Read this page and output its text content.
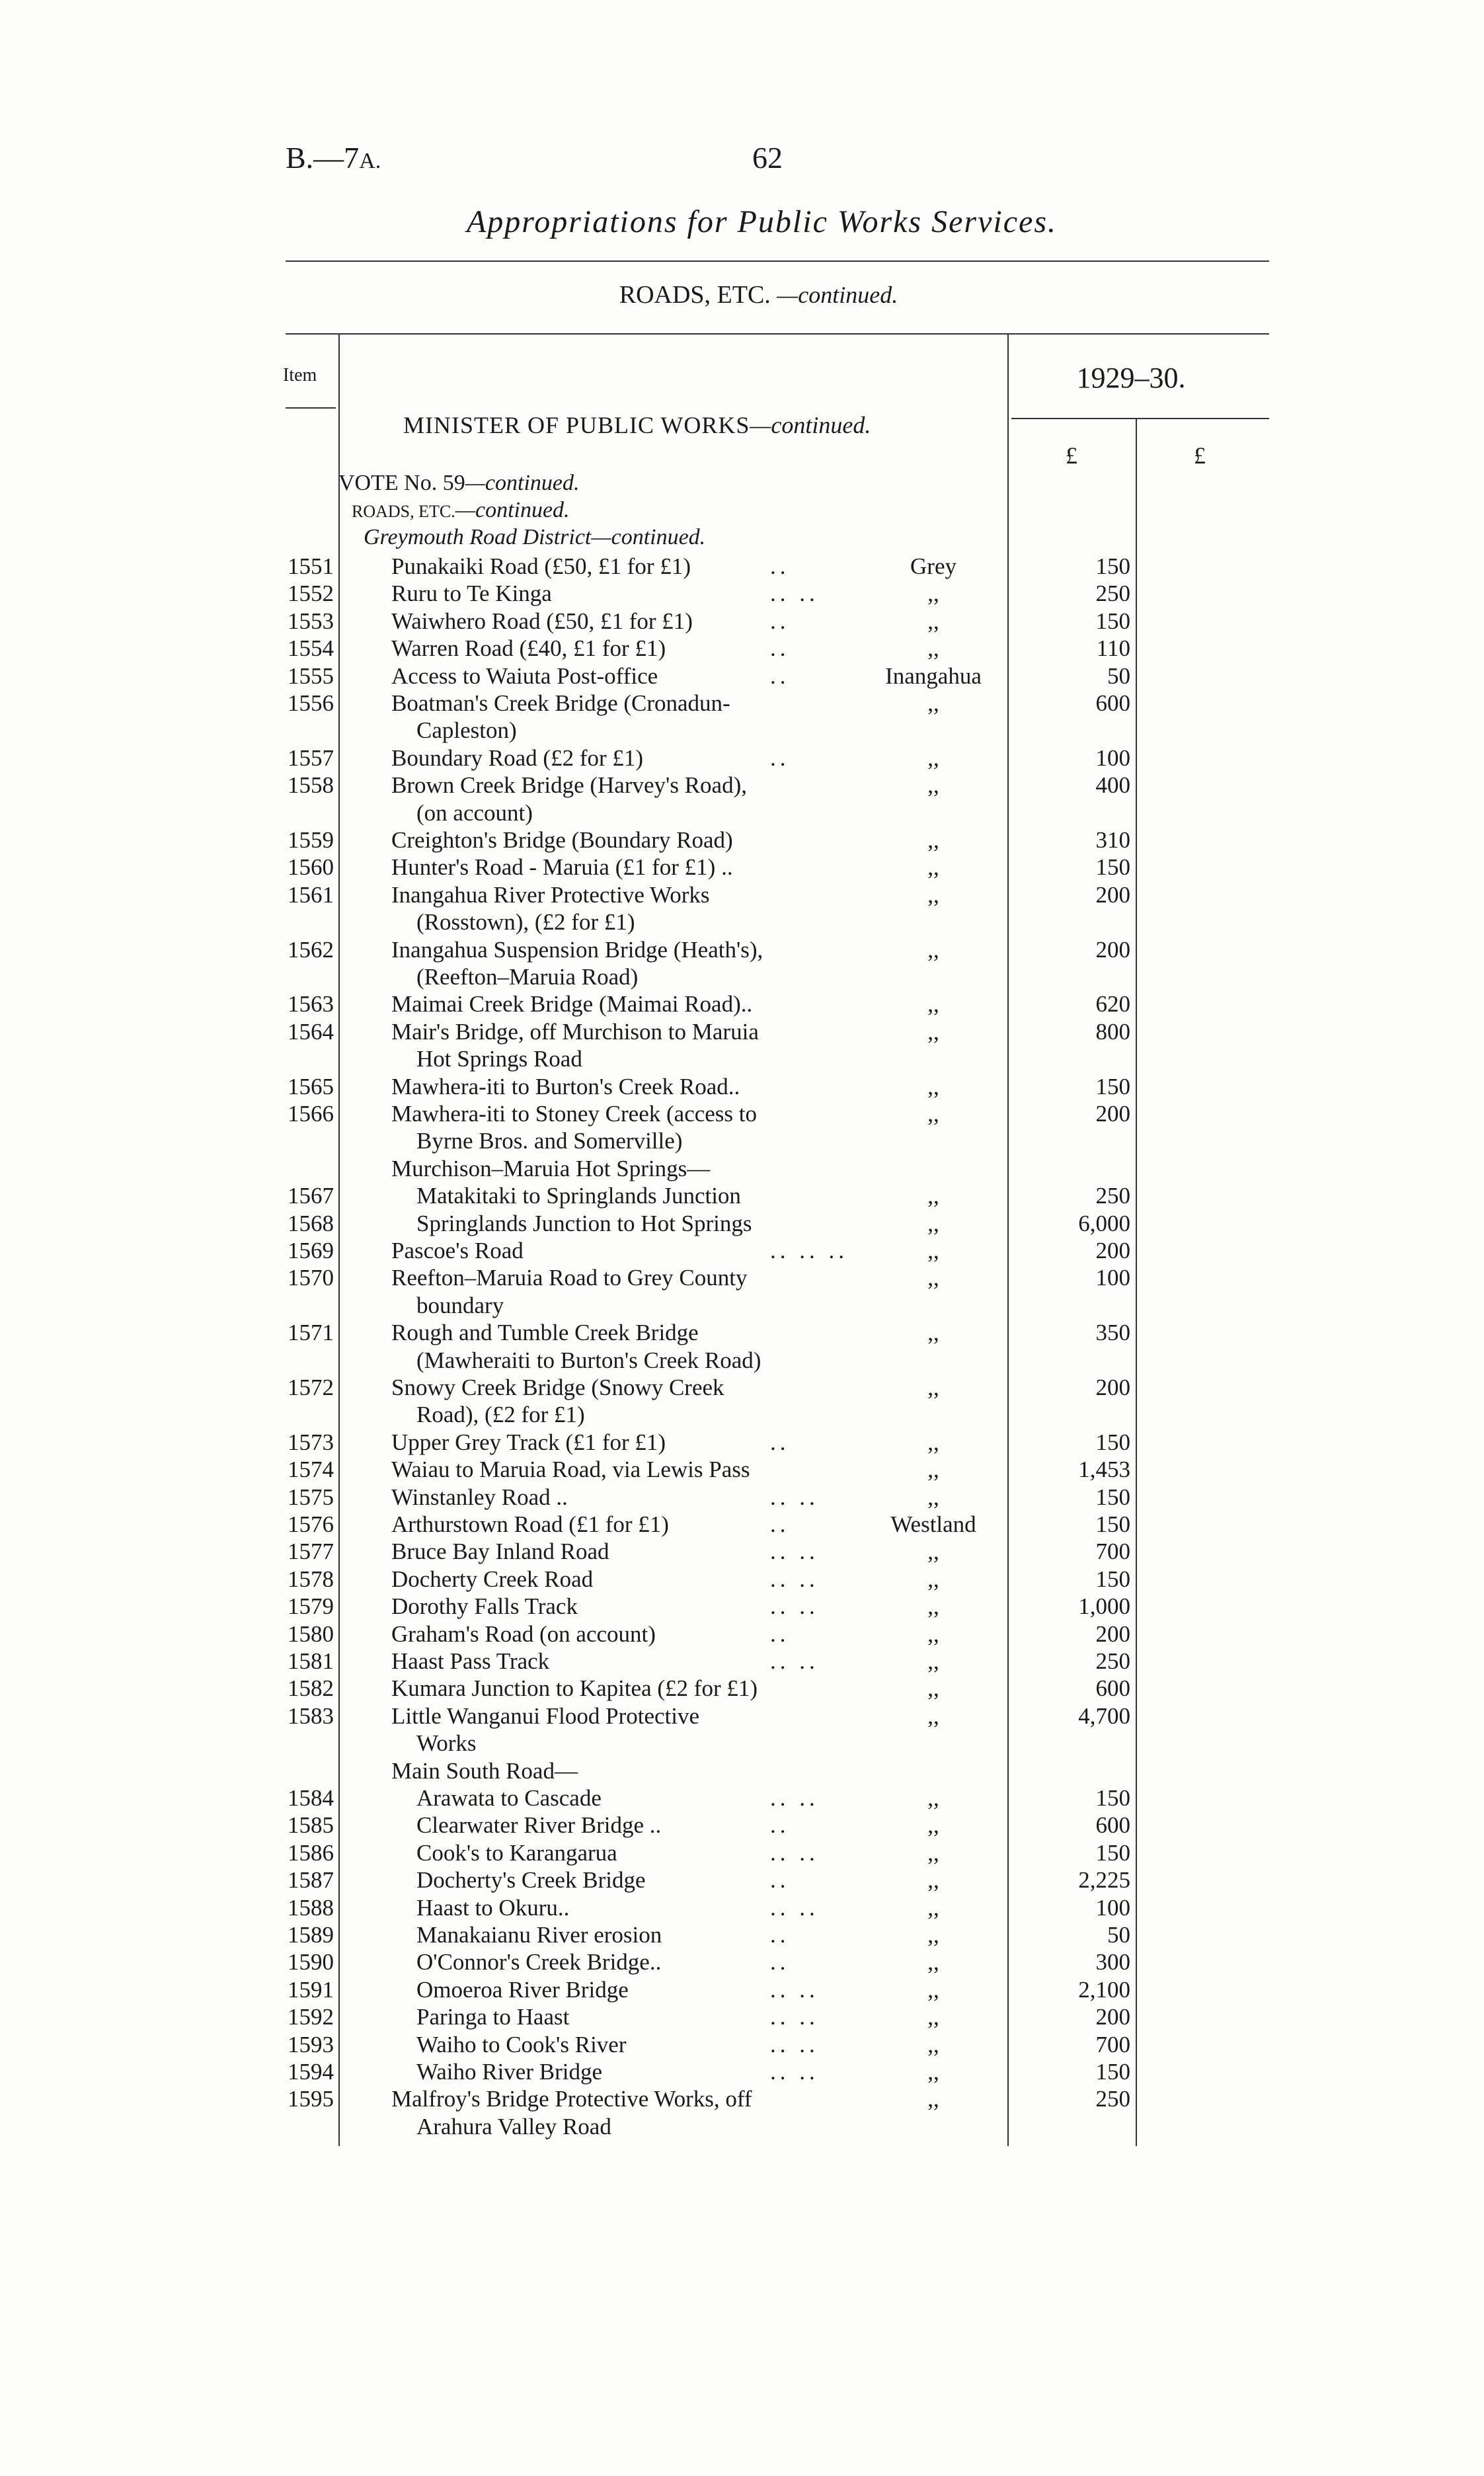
B.—7A.	62
Appropriations for Public Works Services.
ROADS, ETC. —continued.
Item	1929–30.
£	£
MINISTER OF PUBLIC WORKS—continued.
VOTE No. 59—continued.
ROADS, ETC.—continued.
Greymouth Road District—continued.
1551 Punakaiki Road (£50, £1 for £1)	..	Grey	150
1552 Ruru to Te Kinga	.. ..	,,	250
1553 Waiwhero Road (£50, £1 for £1)	..	,,	150
1554 Warren Road (£40, £1 for £1)	..	,,	110
1555 Access to Waiuta Post-office	..	Inangahua	50
1556 Boatman's Creek Bridge (Cronadun-	,,	600
Capleston)
1557 Boundary Road (£2 for £1)	..	,,	100
1558 Brown Creek Bridge (Harvey's Road),	,,	400
(on account)
1559 Creighton's Bridge (Boundary Road)	,,	310
1560 Hunter's Road - Maruia (£1 for £1) ..	,,	150
1561 Inangahua River Protective Works	,,	200
(Rosstown), (£2 for £1)
1562 Inangahua Suspension Bridge (Heath's),	,,	200
(Reefton–Maruia Road)
1563 Maimai Creek Bridge (Maimai Road)..	,,	620
1564 Mair's Bridge, off Murchison to Maruia	,,	800
Hot Springs Road
1565 Mawhera-iti to Burton's Creek Road..	,,	150
1566 Mawhera-iti to Stoney Creek (access to	,,	200
Byrne Bros. and Somerville)
Murchison–Maruia Hot Springs—
1567	Matakitaki to Springlands Junction	,,	250
1568	Springlands Junction to Hot Springs	,,	6,000
1569 Pascoe's Road	.. .. ..	,,	200
1570 Reefton–Maruia Road to Grey County	,,	100
boundary
1571 Rough and Tumble Creek Bridge	,,	350
(Mawheraiti to Burton's Creek Road)
1572 Snowy Creek Bridge (Snowy Creek	,,	200
Road), (£2 for £1)
1573 Upper Grey Track (£1 for £1)	..	,,	150
1574 Waiau to Maruia Road, via Lewis Pass	,,	1,453
1575 Winstanley Road ..	.. ..	,,	150
1576 Arthurstown Road (£1 for £1)	..	Westland	150
1577 Bruce Bay Inland Road	.. ..	,,	700
1578 Docherty Creek Road	.. ..	,,	150
1579 Dorothy Falls Track	.. ..	,,	1,000
1580 Graham's Road (on account)	..	,,	200
1581 Haast Pass Track	.. ..	,,	250
1582 Kumara Junction to Kapitea (£2 for £1)	,,	600
1583 Little Wanganui Flood Protective	,,	4,700
Works
Main South Road—
1584	Arawata to Cascade	.. ..	,,	150
1585	Clearwater River Bridge ..	..	,,	600
1586	Cook's to Karangarua	.. ..	,,	150
1587	Docherty's Creek Bridge	..	,,	2,225
1588	Haast to Okuru..	.. ..	,,	100
1589	Manakaianu River erosion	..	,,	50
1590	O'Connor's Creek Bridge..	..	,,	300
1591	Omoeroa River Bridge	.. ..	,,	2,100
1592	Paringa to Haast	.. ..	,,	200
1593	Waiho to Cook's River	.. ..	,,	700
1594	Waiho River Bridge	.. ..	,,	150
1595 Malfroy's Bridge Protective Works, off	,,	250
Arahura Valley Road
